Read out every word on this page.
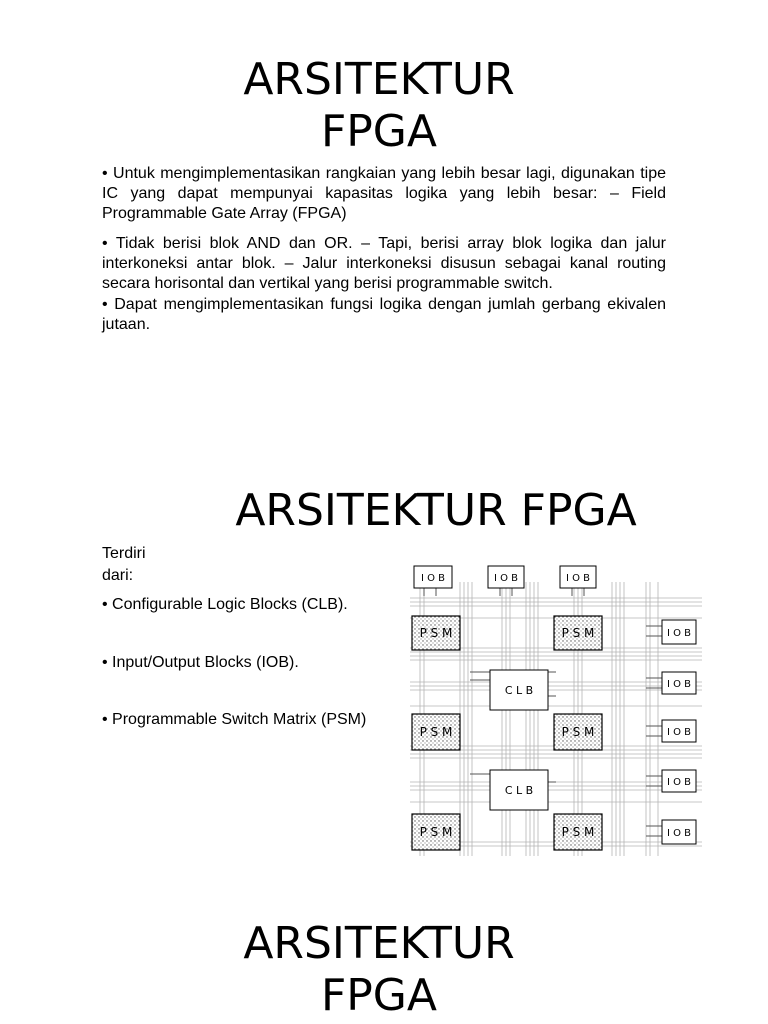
ARSITEKTUR
FPGA

• Untuk mengimplementasikan rangkaian yang lebih besar lagi, digunakan tipe IC yang dapat mempunyai kapasitas logika yang lebih besar: – Field Programmable Gate Array (FPGA)

• Tidak berisi blok AND dan OR. – Tapi, berisi array blok logika dan jalur interkoneksi antar blok. – Jalur interkoneksi disusun sebagai kanal routing secara horisontal dan vertikal yang berisi programmable switch.

• Dapat mengimplementasikan fungsi logika dengan jumlah gerbang ekivalen jutaan.

ARSITEKTUR FPGA

Terdiri dari:

• Configurable Logic Blocks (CLB).

• Input/Output Blocks (IOB).

• Programmable Switch Matrix (PSM)

I O B	I O B	I O B
I O B
I O B
I O B
I O B
I O B
P S M	P S M
P S M	P S M
P S M	P S M
C L B
C L B
ARSITEKTUR
FPGA
